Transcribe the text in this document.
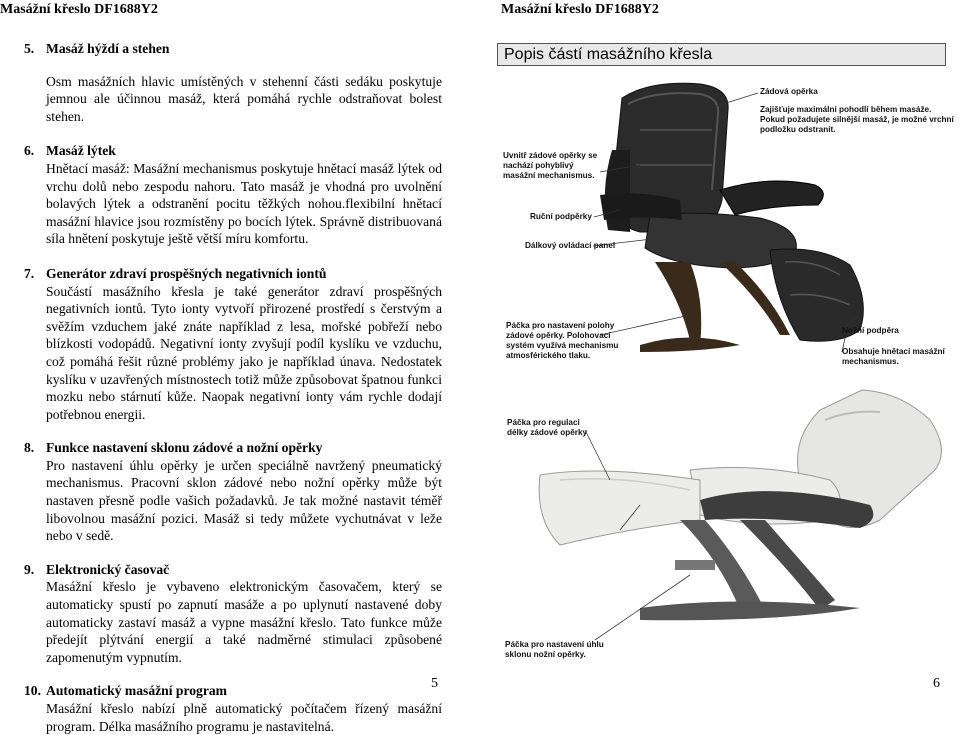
Masážní křeslo DF1688Y2	Masážní křeslo DF1688Y2
5. Masáž hýždí a stehen
Osm masážních hlavic umístěných v stehenní části sedáku poskytuje jemnou ale účinnou masáž, která pomáhá rychle odstraňovat bolest stehen.
6. Masáž lýtek
Hnětací masáž: Masážní mechanismus poskytuje hnětací masáž lýtek od vrchu dolů nebo zespodu nahoru. Tato masáž je vhodná pro uvolnění bolavých lýtek a odstranění pocitu těžkých nohou.flexibilní hnětací masážní hlavice jsou rozmístěny po bocích lýtek. Správně distribuovaná síla hnětení poskytuje ještě větší míru komfortu.
7. Generátor zdraví prospěšných negativních iontů
Součástí masážního křesla je také generátor zdraví prospěšných negativních iontů. Tyto ionty vytvoří přirozené prostředí s čerstvým a svěžím vzduchem jaké znáte například z lesa, mořské pobřeží nebo blízkosti vodopádů. Negativní ionty zvyšují podíl kyslíku ve vzduchu, což pomáhá řešit různé problémy jako je například únava. Nedostatek kyslíku v uzavřených místnostech totiž může způsobovat špatnou funkci mozku nebo stárnutí kůže. Naopak negativní ionty vám rychle dodají potřebnou energii.
8. Funkce nastavení sklonu zádové a nožní opěrky
Pro nastavení úhlu opěrky je určen speciálně navržený pneumatický mechanismus. Pracovní sklon zádové nebo nožní opěrky může být nastaven přesně podle vašich požadavků. Je tak možné nastavit téměř libovolnou masážní pozici. Masáž si tedy můžete vychutnávat v leže nebo v sedě.
9. Elektronický časovač
Masážní křeslo je vybaveno elektronickým časovačem, který se automaticky spustí po zapnutí masáže a po uplynutí nastavené doby automaticky zastaví masáž a vypne masážní křeslo. Tato funkce může předejít plýtvání energií a také nadměrné stimulaci způsobené zapomenutým vypnutím.
10. Automatický masážní program
Masážní křeslo nabízí plně automatický počítačem řízený masážní program. Délka masážního programu je nastavitelná.
Popis částí masážního křesla
Zádová opěrka
Zajišťuje maximální pohodlí během masáže. Pokud požadujete silnější masáž, je možné vrchní podložku odstranit.
Uvnitř zádové opěrky se nachází pohyblivý masážní mechanismus.
Ruční podpěrky
Dálkový ovládací panel
Páčka pro nastavení polohy zádové opěrky. Polohovací systém využívá mechanismu atmosférického tlaku.
Nožní podpěra
Obsahuje hnětací masážní mechanismus.
Páčka pro regulaci délky zádové opěrky
Páčka pro nastavení úhlu sklonu nožní opěrky.
5	6
